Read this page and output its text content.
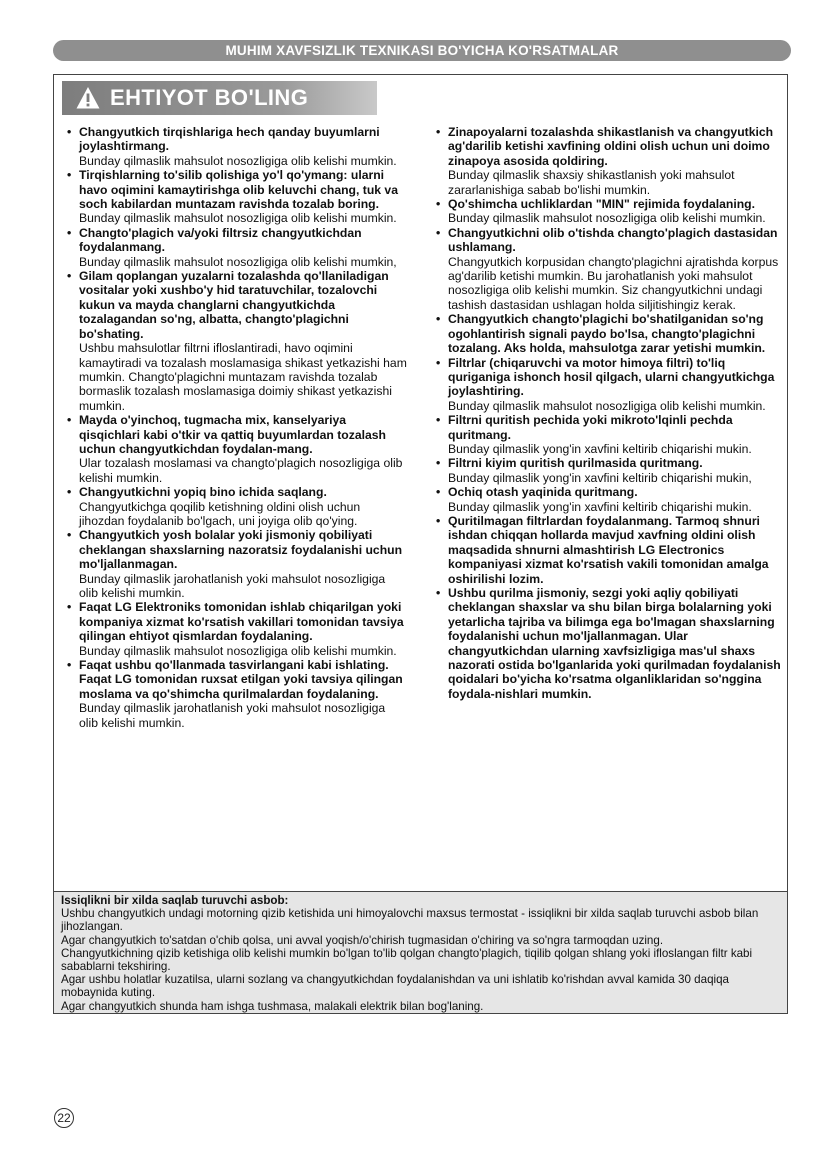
MUHIM XAVFSIZLIK TEXNIKASI BO'YICHA KO'RSATMALAR
EHTIYOT BO'LING
• Changyutkich tirqishlariga hech qanday buyumlarni joylashtirmang.
Bunday qilmaslik mahsulot nosozligiga olib kelishi mumkin.
• Tirqishlarning to'silib qolishiga yo'l qo'ymang: ularni havo oqimini kamaytirishga olib keluvchi chang, tuk va soch kabilardan muntazam ravishda tozalab boring.
Bunday qilmaslik mahsulot nosozligiga olib kelishi mumkin.
• Changto'plagich va/yoki filtrsiz changyutkichdan foydalanmang.
Bunday qilmaslik mahsulot nosozligiga olib kelishi mumkin,
• Gilam qoplangan yuzalarni tozalashda qo'llaniladigan vositalar yoki xushbo'y hid taratuvchilar, tozalovchi kukun va mayda changlarni changyutkichda tozalagandan so'ng, albatta, changto'plagichni bo'shating.
Ushbu mahsulotlar filtrni ifloslantiradi, havo oqimini kamaytiradi va tozalash moslamasiga shikast yetkazishi ham mumkin. Changto'plagichni muntazam ravishda tozalab bormaslik tozalash moslamasiga doimiy shikast yetkazishi mumkin.
• Mayda o'yinchoq, tugmacha mix, kanselyariya qisqichlari kabi o'tkir va qattiq buyumlardan tozalash uchun changyutkichdan foydalan-mang.
Ular tozalash moslamasi va changto'plagich nosozligiga olib kelishi mumkin.
• Changyutkichni yopiq bino ichida saqlang.
Changyutkichga qoqilib ketishning oldini olish uchun jihozdan foydalanib bo'lgach, uni joyiga olib qo'ying.
• Changyutkich yosh bolalar yoki jismoniy qobiliyati cheklangan shaxslarning nazoratsiz foydalanishi uchun mo'ljallanmagan.
Bunday qilmaslik jarohatlanish yoki mahsulot nosozligiga olib kelishi mumkin.
• Faqat LG Elektroniks tomonidan ishlab chiqarilgan yoki kompaniya xizmat ko'rsatish vakillari tomonidan tavsiya qilingan ehtiyot qismlardan foydalaning.
Bunday qilmaslik mahsulot nosozligiga olib kelishi mumkin.
• Faqat ushbu qo'llanmada tasvirlangani kabi ishlating. Faqat LG tomonidan ruxsat etilgan yoki tavsiya qilingan moslama va qo'shimcha qurilmalardan foydalaning.
Bunday qilmaslik jarohatlanish yoki mahsulot nosozligiga olib kelishi mumkin.
• Zinapoyalarni tozalashda shikastlanish va changyutkich ag'darilib ketishi xavfining oldini olish uchun uni doimo zinapoya asosida qoldiring.
Bunday qilmaslik shaxsiy shikastlanish yoki mahsulot zararlanishiga sabab bo'lishi mumkin.
• Qo'shimcha uchliklardan "MIN" rejimida foydalaning.
Bunday qilmaslik mahsulot nosozligiga olib kelishi mumkin.
• Changyutkichni olib o'tishda changto'plagich dastasidan ushlamang.
Changyutkich korpusidan changto'plagichni ajratishda korpus ag'darilib ketishi mumkin. Bu jarohatlanish yoki mahsulot nosozligiga olib kelishi mumkin. Siz changyutkichni undagi tashish dastasidan ushlagan holda siljitishingiz kerak.
• Changyutkich changto'plagichi bo'shatilganidan so'ng ogohlantirish signali paydo bo'lsa, changto'plagichni tozalang. Aks holda, mahsulotga zarar yetishi mumkin.
• Filtrlar (chiqaruvchi va motor himoya filtri) to'liq quriganiga ishonch hosil qilgach, ularni changyutkichga joylashtiring.
Bunday qilmaslik mahsulot nosozligiga olib kelishi mumkin.
• Filtrni quritish pechida yoki mikroto'lqinli pechda quritmang.
Bunday qilmaslik yong'in xavfini keltirib chiqarishi mukin.
• Filtrni kiyim quritish qurilmasida quritmang.
Bunday qilmaslik yong'in xavfini keltirib chiqarishi mukin,
• Ochiq otash yaqinida quritmang.
Bunday qilmaslik yong'in xavfini keltirib chiqarishi mukin.
• Quritilmagan filtrlardan foydalanmang. Tarmoq shnuri ishdan chiqqan hollarda mavjud xavfning oldini olish maqsadida shnurni almashtirish LG Electronics kompaniyasi xizmat ko'rsatish vakili tomonidan amalga oshirilishi lozim.
• Ushbu qurilma jismoniy, sezgi yoki aqliy qobiliyati cheklangan shaxslar va shu bilan birga bolalarning yoki yetarlicha tajriba va bilimga ega bo'lmagan shaxslarning foydalanishi uchun mo'ljallanmagan. Ular changyutkichdan ularning xavfsizligiga mas'ul shaxs nazorati ostida bo'lganlarida yoki qurilmadan foydalanish qoidalari bo'yicha ko'rsatma olganliklaridan so'nggina foydala-nishlari mumkin.
Issiqlikni bir xilda saqlab turuvchi asbob:
Ushbu changyutkich undagi motorning qizib ketishida uni himoyalovchi maxsus termostat - issiqlikni bir xilda saqlab turuvchi asbob bilan jihozlangan.
Agar changyutkich to'satdan o'chib qolsa, uni avval yoqish/o'chirish tugmasidan o'chiring va so'ngra tarmoqdan uzing.
Changyutkichning qizib ketishiga olib kelishi mumkin bo'lgan to'lib qolgan changto'plagich, tiqilib qolgan shlang yoki ifloslangan filtr kabi sabablarni tekshiring.
Agar ushbu holatlar kuzatilsa, ularni sozlang va changyutkichdan foydalanishdan va uni ishlatib ko'rishdan avval kamida 30 daqiqa mobaynida kuting.
Agar changyutkich shunda ham ishga tushmasa, malakali elektrik bilan bog'laning.
22
